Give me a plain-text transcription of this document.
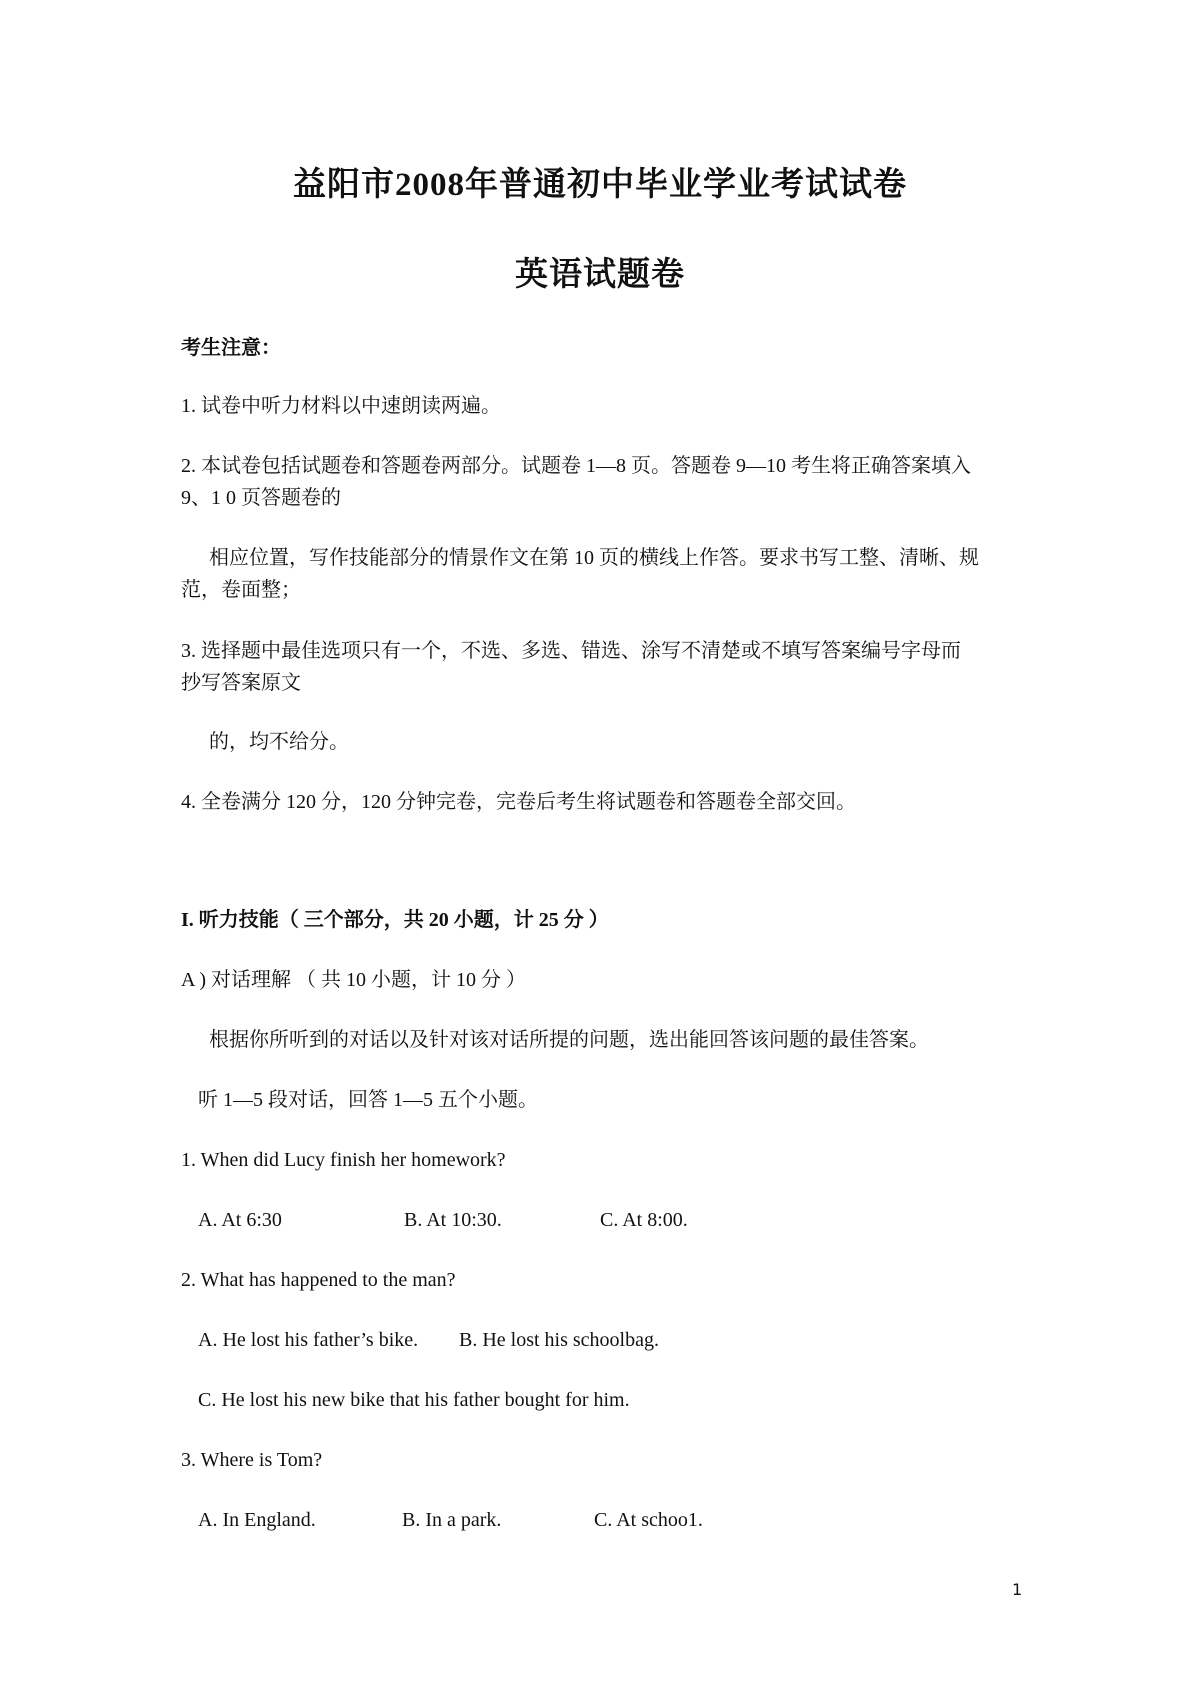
益阳市2008年普通初中毕业学业考试试卷
英语试题卷
考生注意：
1. 试卷中听力材料以中速朗读两遍。
2. 本试卷包括试题卷和答题卷两部分。试题卷 1—8 页。答题卷 9—10 考生将正确答案填入
9、1 0 页答题卷的
相应位置，写作技能部分的情景作文在第 10 页的横线上作答。要求书写工整、清晰、规
范，卷面整；
3. 选择题中最佳选项只有一个，不选、多选、错选、涂写不清楚或不填写答案编号字母而
抄写答案原文
的，均不给分。
4. 全卷满分 120 分，120 分钟完卷，完卷后考生将试题卷和答题卷全部交回。
I. 听力技能（ 三个部分，共 20 小题，计 25 分 ）
A ) 对话理解 （ 共 10 小题，计 10 分 ）
根据你所听到的对话以及针对该对话所提的问题，选出能回答该问题的最佳答案。
听 1—5 段对话，回答 1—5 五个小题。
1. When did Lucy finish her homework?
A. At 6:30	B. At 10:30.	C. At 8:00.
2. What has happened to the man?
A. He lost his father’s bike. B. He lost his schoolbag.
C. He lost his new bike that his father bought for him.
3. Where is Tom?
A. In England.	B. In a park.	C. At schoo1.
1
